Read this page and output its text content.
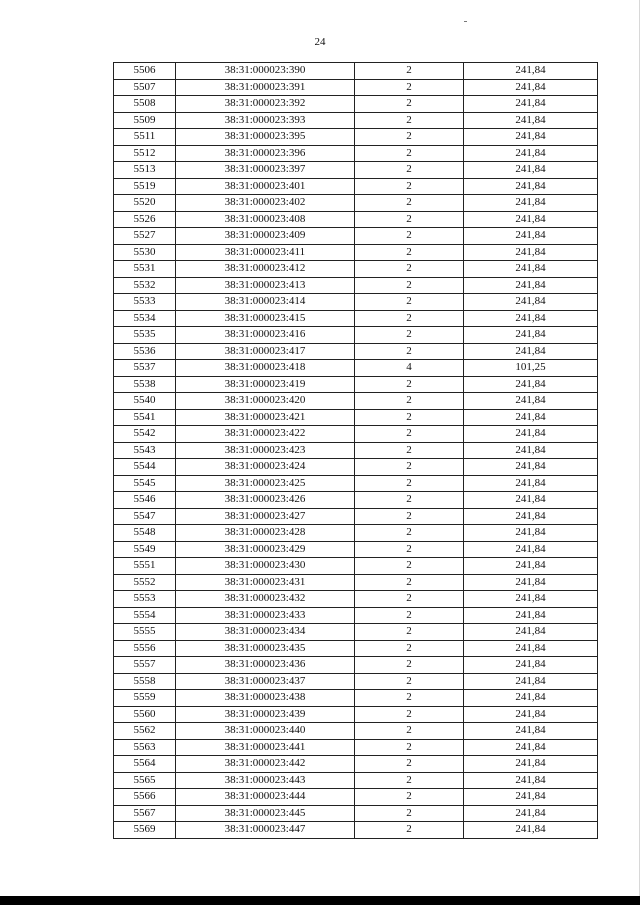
24
5506	38:31:000023:390	2	241,84
5507	38:31:000023:391	2	241,84
5508	38:31:000023:392	2	241,84
5509	38:31:000023:393	2	241,84
5511	38:31:000023:395	2	241,84
5512	38:31:000023:396	2	241,84
5513	38:31:000023:397	2	241,84
5519	38:31:000023:401	2	241,84
5520	38:31:000023:402	2	241,84
5526	38:31:000023:408	2	241,84
5527	38:31:000023:409	2	241,84
5530	38:31:000023:411	2	241,84
5531	38:31:000023:412	2	241,84
5532	38:31:000023:413	2	241,84
5533	38:31:000023:414	2	241,84
5534	38:31:000023:415	2	241,84
5535	38:31:000023:416	2	241,84
5536	38:31:000023:417	2	241,84
5537	38:31:000023:418	4	101,25
5538	38:31:000023:419	2	241,84
5540	38:31:000023:420	2	241,84
5541	38:31:000023:421	2	241,84
5542	38:31:000023:422	2	241,84
5543	38:31:000023:423	2	241,84
5544	38:31:000023:424	2	241,84
5545	38:31:000023:425	2	241,84
5546	38:31:000023:426	2	241,84
5547	38:31:000023:427	2	241,84
5548	38:31:000023:428	2	241,84
5549	38:31:000023:429	2	241,84
5551	38:31:000023:430	2	241,84
5552	38:31:000023:431	2	241,84
5553	38:31:000023:432	2	241,84
5554	38:31:000023:433	2	241,84
5555	38:31:000023:434	2	241,84
5556	38:31:000023:435	2	241,84
5557	38:31:000023:436	2	241,84
5558	38:31:000023:437	2	241,84
5559	38:31:000023:438	2	241,84
5560	38:31:000023:439	2	241,84
5562	38:31:000023:440	2	241,84
5563	38:31:000023:441	2	241,84
5564	38:31:000023:442	2	241,84
5565	38:31:000023:443	2	241,84
5566	38:31:000023:444	2	241,84
5567	38:31:000023:445	2	241,84
5569	38:31:000023:447	2	241,84
